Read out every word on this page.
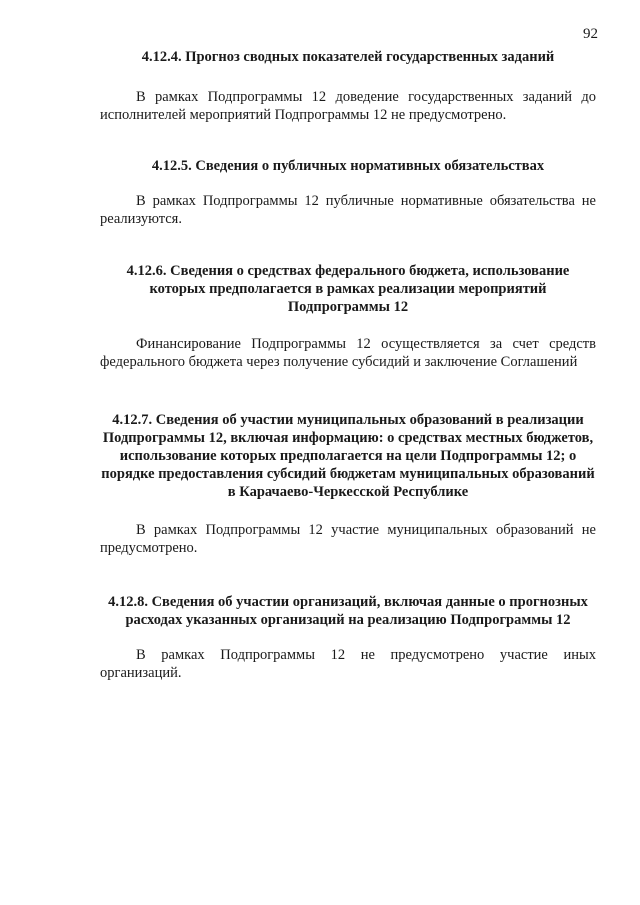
92

4.12.4. Прогноз сводных показателей государственных заданий

В рамках Подпрограммы 12 доведение государственных заданий до исполнителей мероприятий Подпрограммы 12 не предусмотрено.

4.12.5. Сведения о публичных нормативных обязательствах

В рамках Подпрограммы 12 публичные нормативные обязательства не реализуются.

4.12.6. Сведения о средствах федерального бюджета, использование которых предполагается в рамках реализации мероприятий Подпрограммы 12

Финансирование Подпрограммы 12 осуществляется за счет средств федерального бюджета через получение субсидий и заключение Соглашений

4.12.7. Сведения об участии муниципальных образований в реализации Подпрограммы 12, включая информацию: о средствах местных бюджетов, использование которых предполагается на цели Подпрограммы 12; о порядке предоставления субсидий бюджетам муниципальных образований в Карачаево-Черкесской Республике

В рамках Подпрограммы 12 участие муниципальных образований не предусмотрено.

4.12.8. Сведения об участии организаций, включая данные о прогнозных расходах указанных организаций на реализацию Подпрограммы 12

В рамках Подпрограммы 12 не предусмотрено участие иных организаций.
